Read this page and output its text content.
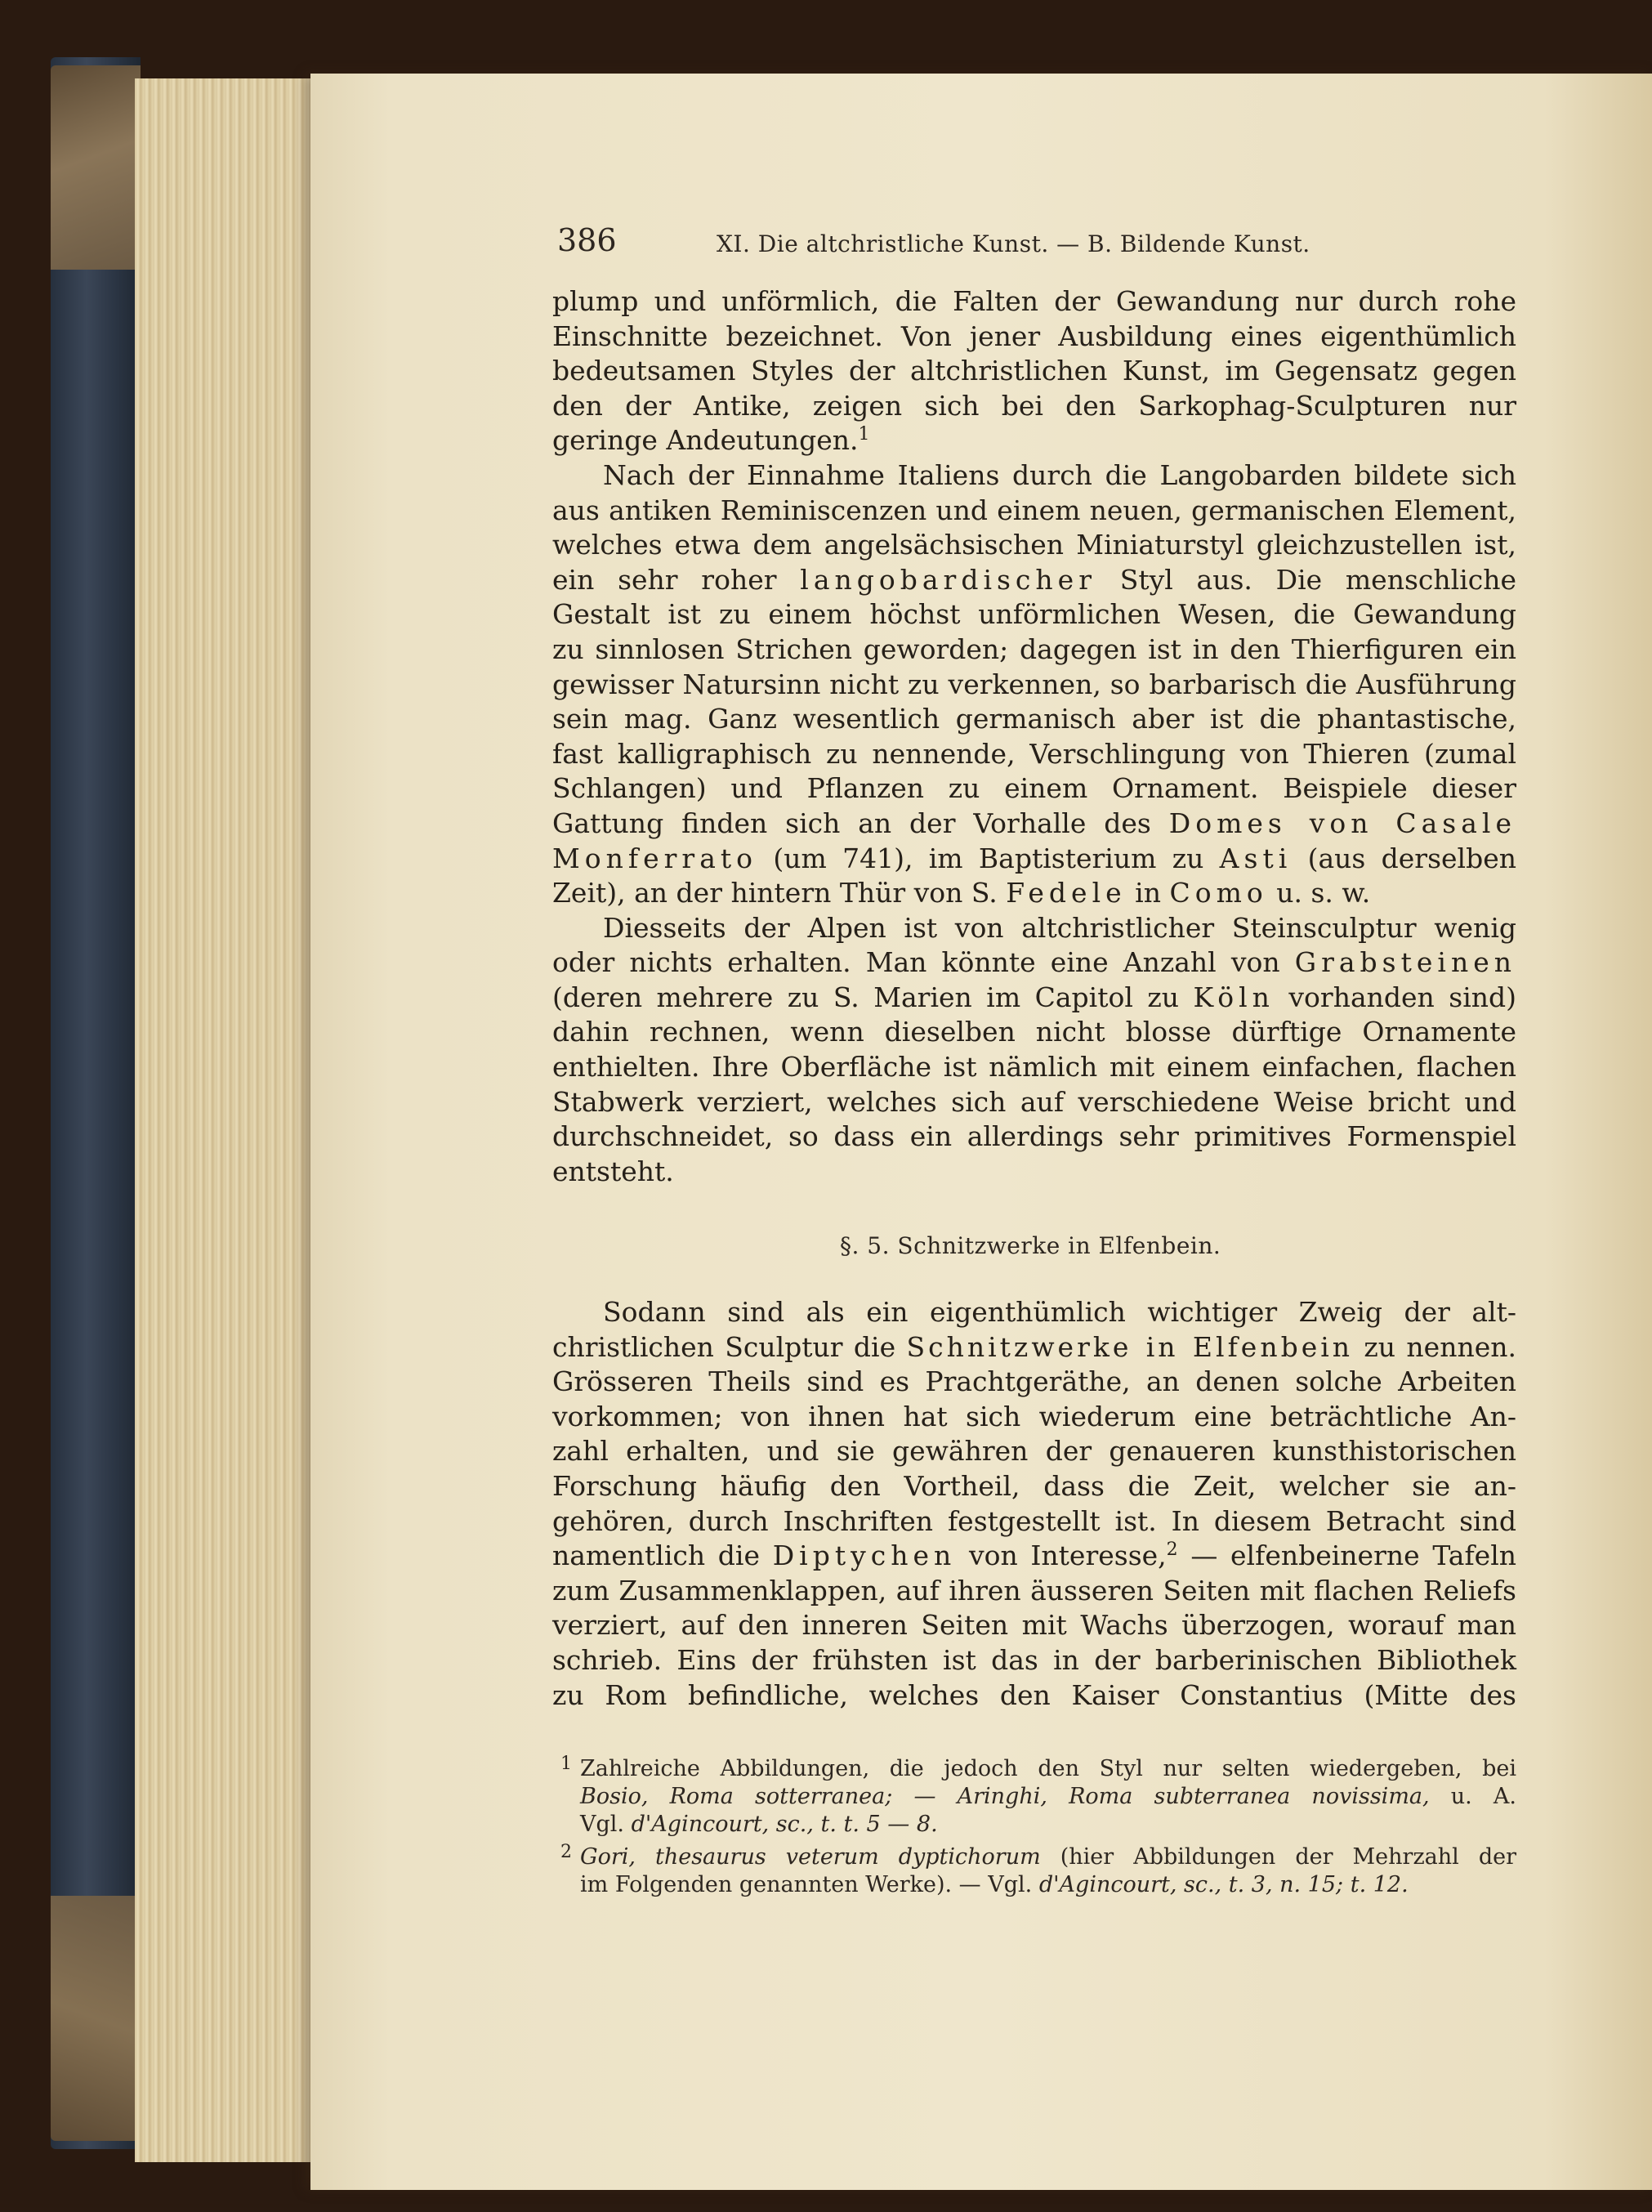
386	XI. Die altchristliche Kunst. — B. Bildende Kunst.

plump und unförmlich, die Falten der Gewandung nur durch rohe

Einschnitte bezeichnet. Von jener Ausbildung eines eigenthümlich

bedeutsamen Styles der altchristlichen Kunst, im Gegensatz gegen

den der Antike, zeigen sich bei den Sarkophag-Sculpturen nur

geringe Andeutungen.$^1$

Nach der Einnahme Italiens durch die Langobarden bildete sich

aus antiken Reminiscenzen und einem neuen, germanischen Element,

welches etwa dem angelsächsischen Miniaturstyl gleichzustellen ist,

ein sehr roher langobardischer Styl aus. Die menschliche

Gestalt ist zu einem höchst unförmlichen Wesen, die Gewandung

zu sinnlosen Strichen geworden; dagegen ist in den Thierfiguren ein

gewisser Natursinn nicht zu verkennen, so barbarisch die Ausführung

sein mag. Ganz wesentlich germanisch aber ist die phantastische,

fast kalligraphisch zu nennende, Verschlingung von Thieren (zumal

Schlangen) und Pflanzen zu einem Ornament. Beispiele dieser

Gattung finden sich an der Vorhalle des Domes von Casale

Monferrato (um 741), im Baptisterium zu Asti (aus derselben

Zeit), an der hintern Thür von S. Fedele in Como u. s. w.

Diesseits der Alpen ist von altchristlicher Steinsculptur wenig

oder nichts erhalten. Man könnte eine Anzahl von Grabsteinen

(deren mehrere zu S. Marien im Capitol zu Köln vorhanden sind)

dahin rechnen, wenn dieselben nicht blosse dürftige Ornamente

enthielten. Ihre Oberfläche ist nämlich mit einem einfachen, flachen

Stabwerk verziert, welches sich auf verschiedene Weise bricht und

durchschneidet, so dass ein allerdings sehr primitives Formenspiel

entsteht.

§. 5. Schnitzwerke in Elfenbein.

Sodann sind als ein eigenthümlich wichtiger Zweig der alt-

christlichen Sculptur die Schnitzwerke in Elfenbein zu nennen.

Grösseren Theils sind es Prachtgeräthe, an denen solche Arbeiten

vorkommen; von ihnen hat sich wiederum eine beträchtliche An-

zahl erhalten, und sie gewähren der genaueren kunsthistorischen

Forschung häufig den Vortheil, dass die Zeit, welcher sie an-

gehören, durch Inschriften festgestellt ist. In diesem Betracht sind

namentlich die Diptychen von Interesse,$^2$ — elfenbeinerne Tafeln

zum Zusammenklappen, auf ihren äusseren Seiten mit flachen Reliefs

verziert, auf den inneren Seiten mit Wachs überzogen, worauf man

schrieb. Eins der frühsten ist das in der barberinischen Bibliothek

zu Rom befindliche, welches den Kaiser Constantius (Mitte des

1 Zahlreiche Abbildungen, die jedoch den Styl nur selten wiedergeben, bei
Bosio, Roma sotterranea; — Aringhi, Roma subterranea novissima, u. A.
Vgl. d'Agincourt, sc., t. t. 5 — 8.
2 Gori, thesaurus veterum dyptichorum (hier Abbildungen der Mehrzahl der
im Folgenden genannten Werke). — Vgl. d'Agincourt, sc., t. 3, n. 15; t. 12.
